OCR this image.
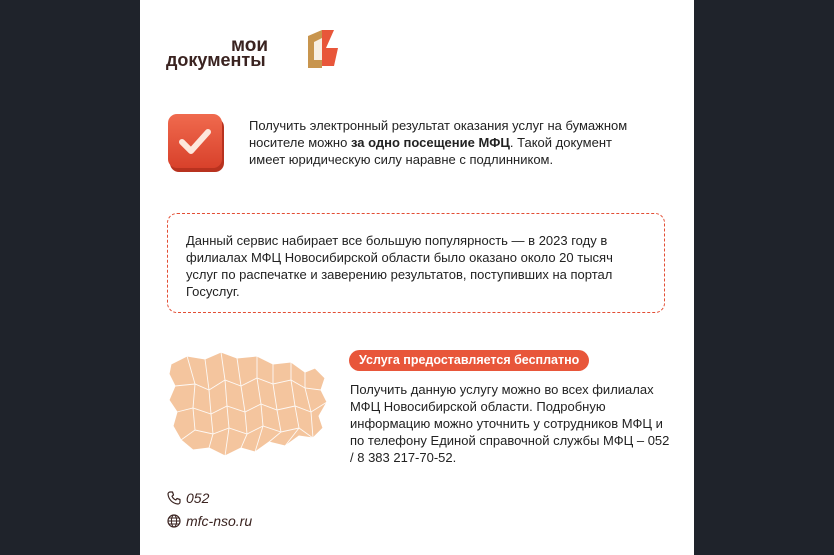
мои
документы
Получить электронный результат оказания услуг на бумажном носителе можно за одно посещение МФЦ. Такой документ имеет юридическую силу наравне с подлинником.
Данный сервис набирает все большую популярность — в 2023 году в филиалах МФЦ Новосибирской области было оказано около 20 тысяч услуг по распечатке и заверению результатов, поступивших на портал Госуслуг.
Услуга предоставляется бесплатно
Получить данную услугу можно во всех филиалах МФЦ Новосибирской области. Подробную информацию можно уточнить у сотрудников МФЦ и по телефону Единой справочной службы МФЦ – 052 / 8 383 217-70-52.
052
mfc-nso.ru
